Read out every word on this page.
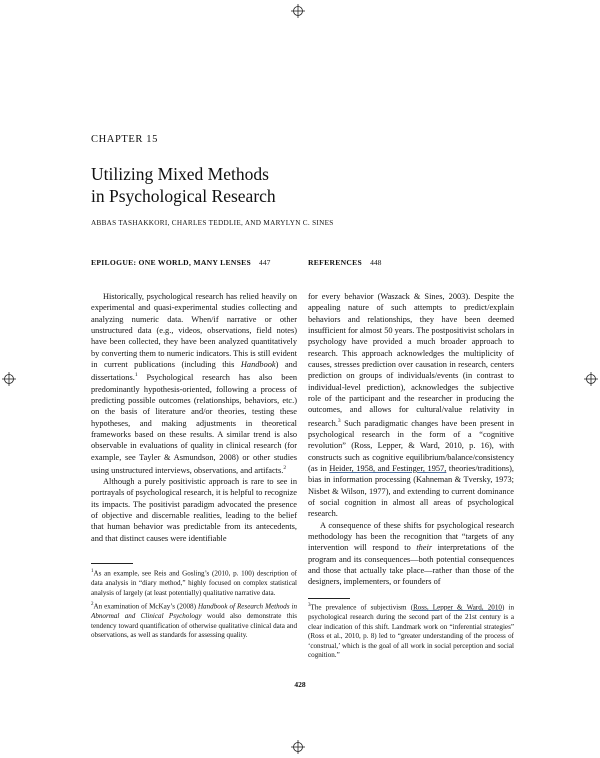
CHAPTER 15
Utilizing Mixed Methods
in Psychological Research
ABBAS TASHAKKORI, CHARLES TEDDLIE, AND MARYLYN C. SINES
EPILOGUE: ONE WORLD, MANY LENSES 447	REFERENCES 448

Historically, psychological research has relied heavily on experimental and quasi-experimental studies collecting and analyzing numeric data. When/if narrative or other unstructured data (e.g., videos, observations, field notes) have been collected, they have been analyzed quantitatively by converting them to numeric indicators. This is still evident in current publications (including this Handbook) and dissertations.$^1$ Psychological research has also been predominantly hypothesis-oriented, following a process of predicting possible outcomes (relationships, behaviors, etc.) on the basis of literature and/or theories, testing these hypotheses, and making adjustments in theoretical frameworks based on these results. A similar trend is also observable in evaluations of quality in clinical research (for example, see Tayler & Asmundson, 2008) or other studies using unstructured interviews, observations, and artifacts.$^2$

Although a purely positivistic approach is rare to see in portrayals of psychological research, it is helpful to recognize its impacts. The positivist paradigm advocated the presence of objective and discernable realities, leading to the belief that human behavior was predictable from its antecedents, and that distinct causes were identifiable

$^1$As an example, see Reis and Gosling’s (2010, p. 100) description of data analysis in “diary method,” highly focused on complex statistical analysis of largely (at least potentially) qualitative narrative data.

$^2$An examination of McKay’s (2008) Handbook of Research Methods in Abnormal and Clinical Psychology would also demonstrate this tendency toward quantification of otherwise qualitative clinical data and observations, as well as standards for assessing quality.

for every behavior (Waszack & Sines, 2003). Despite the appealing nature of such attempts to predict/explain behaviors and relationships, they have been deemed insufficient for almost 50 years. The postpositivist scholars in psychology have provided a much broader approach to research. This approach acknowledges the multiplicity of causes, stresses prediction over causation in research, centers prediction on groups of individuals/events (in contrast to individual-level prediction), acknowledges the subjective role of the participant and the researcher in producing the outcomes, and allows for cultural/value relativity in research.$^3$ Such paradigmatic changes have been present in psychological research in the form of a “cognitive revolution” (Ross, Lepper, & Ward, 2010, p. 16), with constructs such as cognitive equilibrium/balance/consistency (as in Heider, 1958, and Festinger, 1957, theories/traditions), bias in information processing (Kahneman & Tversky, 1973; Nisbet & Wilson, 1977), and extending to current dominance of social cognition in almost all areas of psychological research.

A consequence of these shifts for psychological research methodology has been the recognition that “targets of any intervention will respond to their interpretations of the program and its consequences—both potential consequences and those that actually take place—rather than those of the designers, implementers, or founders of

$^3$The prevalence of subjectivism (Ross, Lepper & Ward, 2010) in psychological research during the second part of the 21st century is a clear indication of this shift. Landmark work on “inferential strategies” (Ross et al., 2010, p. 8) led to “greater understanding of the process of ‘construal,’ which is the goal of all work in social perception and social cognition.”

428
